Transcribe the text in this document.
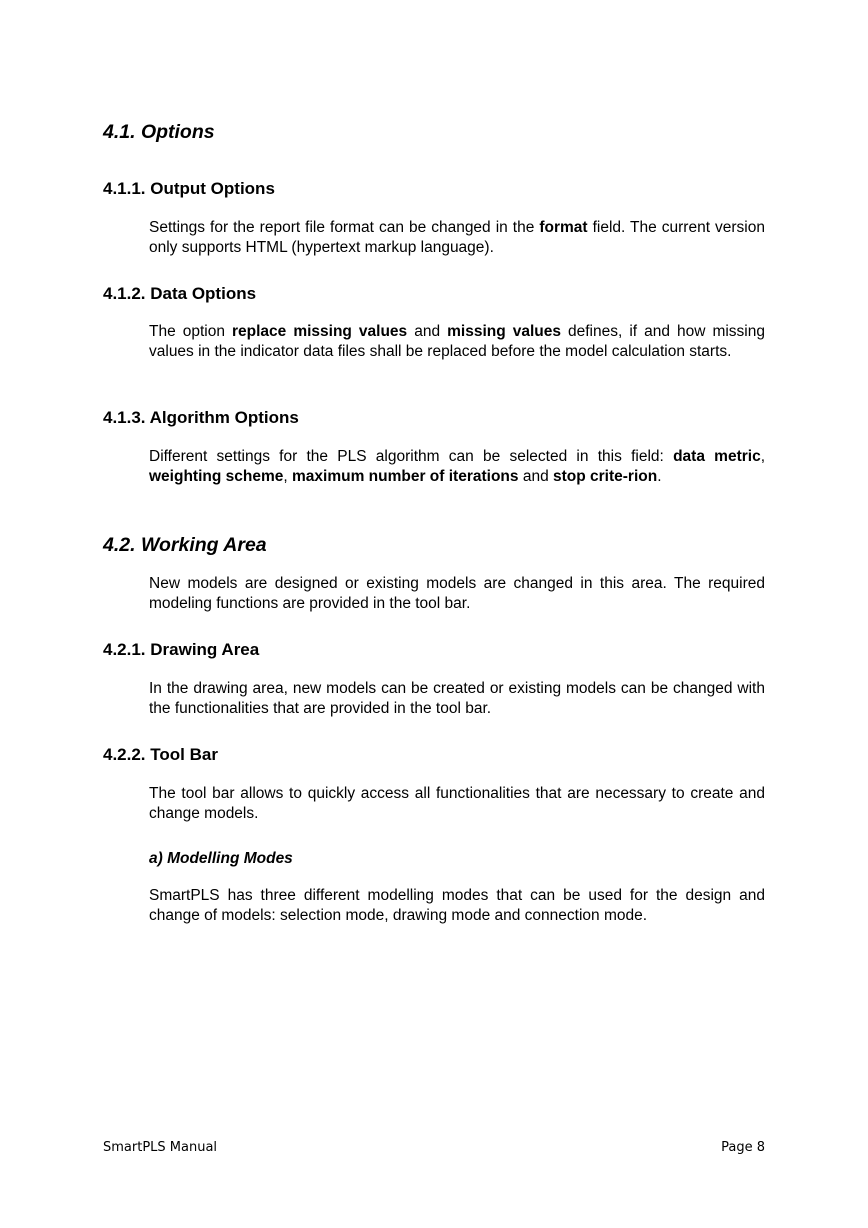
4.1. Options
4.1.1. Output Options

Settings for the report file format can be changed in the format field. The current version only supports HTML (hypertext markup language).

4.1.2. Data Options

The option replace missing values and missing values defines, if and how missing values in the indicator data files shall be replaced before the model calculation starts.

4.1.3. Algorithm Options

Different settings for the PLS algorithm can be selected in this field: data metric, weighting scheme, maximum number of iterations and stop crite-rion.

4.2. Working Area

New models are designed or existing models are changed in this area. The required modeling functions are provided in the tool bar.

4.2.1. Drawing Area

In the drawing area, new models can be created or existing models can be changed with the functionalities that are provided in the tool bar.

4.2.2. Tool Bar

The tool bar allows to quickly access all functionalities that are necessary to create and change models.

a) Modelling Modes

SmartPLS has three different modelling modes that can be used for the design and change of models: selection mode, drawing mode and connection mode.

SmartPLS Manual	Page 8
